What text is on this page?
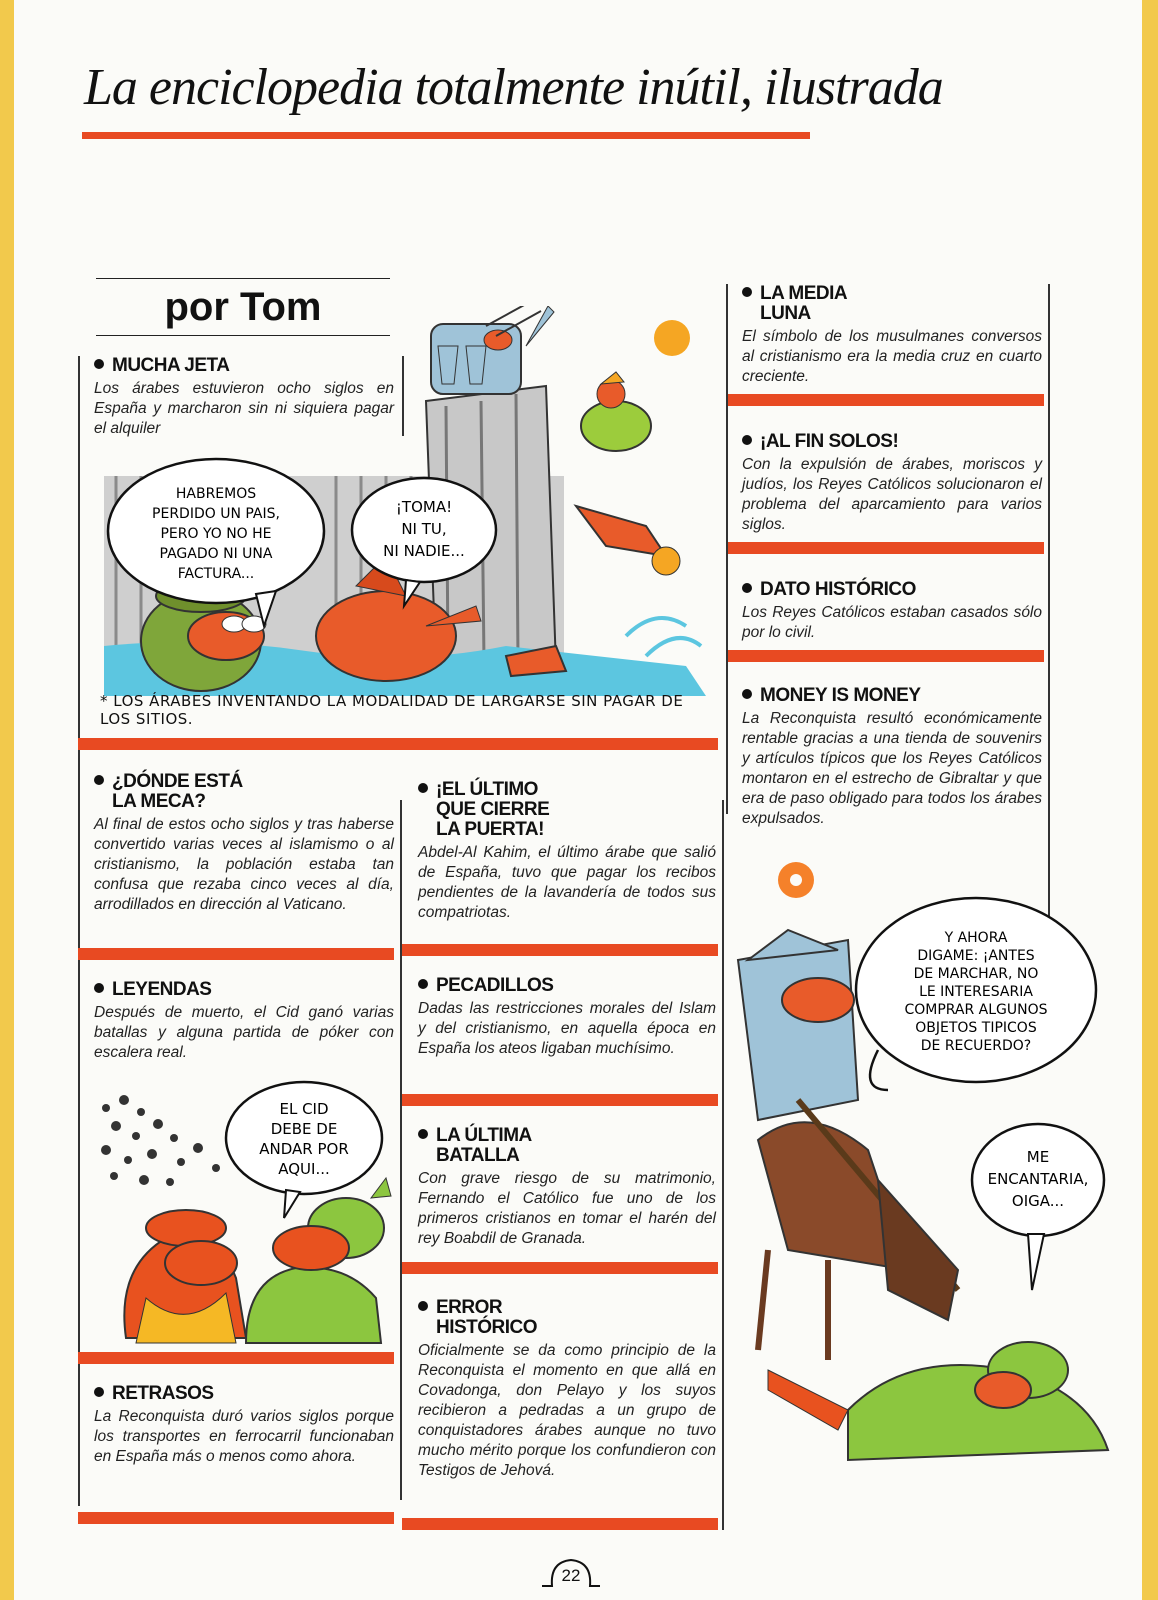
La enciclopedia totalmente inútil, ilustrada
por Tom
MUCHA JETA

Los árabes estuvieron ocho siglos en España y marcharon sin ni siquiera pagar el alquiler

HABREMOS
PERDIDO UN PAIS,
PERO YO NO HE
PAGADO NI UNA
FACTURA...
¡TOMA!
NI TU,
NI NADIE...
* LOS ÁRABES INVENTANDO LA MODALIDAD DE LARGARSE SIN PAGAR DE LOS SITIOS.
¿DÓNDE ESTÁ
LA MECA?

Al final de estos ocho siglos y tras haberse convertido varias veces al islamismo o al cristianismo, la población estaba tan confusa que rezaba cinco veces al día, arrodillados en dirección al Vaticano.

LEYENDAS

Después de muerto, el Cid ganó varias batallas y alguna partida de póker con escalera real.

EL CID
DEBE DE
ANDAR POR
AQUI...
RETRASOS

La Reconquista duró varios siglos porque los transportes en ferrocarril funcionaban en España más o menos como ahora.

¡EL ÚLTIMO
QUE CIERRE
LA PUERTA!

Abdel-Al Kahim, el último árabe que salió de España, tuvo que pagar los recibos pendientes de la lavandería de todos sus compatriotas.

PECADILLOS

Dadas las restricciones morales del Islam y del cristianismo, en aquella época en España los ateos ligaban muchísimo.

LA ÚLTIMA
BATALLA

Con grave riesgo de su matrimonio, Fernando el Católico fue uno de los primeros cristianos en tomar el harén del rey Boabdil de Granada.

ERROR
HISTÓRICO

Oficialmente se da como principio de la Reconquista el momento en que allá en Covadonga, don Pelayo y los suyos recibieron a pedradas a un grupo de conquistadores árabes aunque no tuvo mucho mérito porque los confundieron con Testigos de Jehová.

LA MEDIA
LUNA

El símbolo de los musulmanes conversos al cristianismo era la media cruz en cuarto creciente.

¡AL FIN SOLOS!

Con la expulsión de árabes, moriscos y judíos, los Reyes Católicos solucionaron el problema del aparcamiento para varios siglos.

DATO HISTÓRICO

Los Reyes Católicos estaban casados sólo por lo civil.

MONEY IS MONEY

La Reconquista resultó económicamente rentable gracias a una tienda de souvenirs y artículos típicos que los Reyes Católicos montaron en el estrecho de Gibraltar y que era de paso obligado para todos los árabes expulsados.

Y AHORA
DIGAME: ¡ANTES
DE MARCHAR, NO
LE INTERESARIA
COMPRAR ALGUNOS
OBJETOS TIPICOS
DE RECUERDO?
ME
ENCANTARIA,
OIGA...
22
